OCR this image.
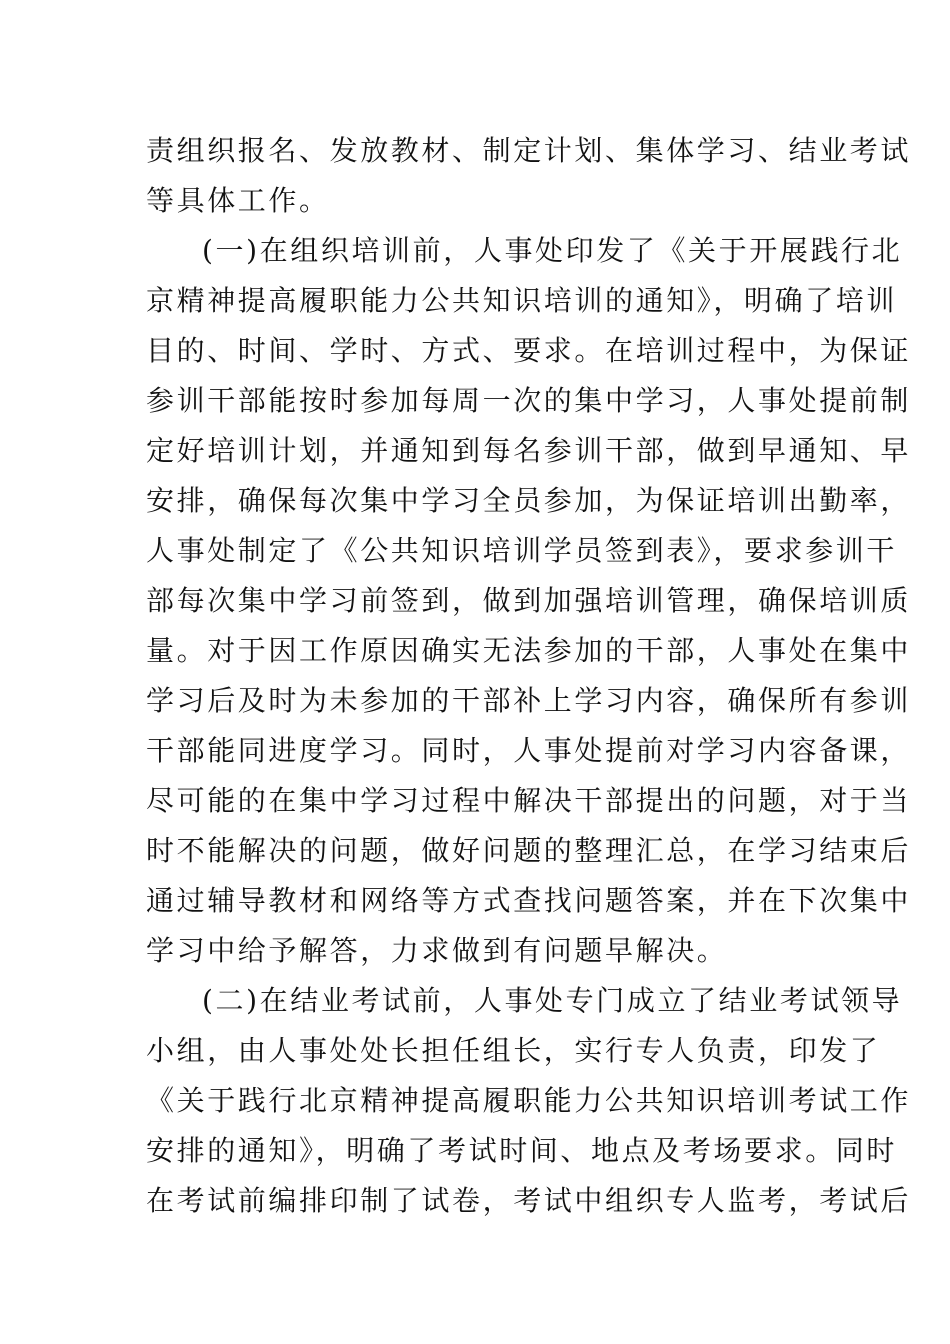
责组织报名、发放教材、制定计划、集体学习、结业考试
等具体工作。
(一)在组织培训前，人事处印发了《关于开展践行北
京精神提高履职能力公共知识培训的通知》，明确了培训
目的、时间、学时、方式、要求。在培训过程中，为保证
参训干部能按时参加每周一次的集中学习，人事处提前制
定好培训计划，并通知到每名参训干部，做到早通知、早
安排，确保每次集中学习全员参加，为保证培训出勤率，
人事处制定了《公共知识培训学员签到表》，要求参训干
部每次集中学习前签到，做到加强培训管理，确保培训质
量。对于因工作原因确实无法参加的干部，人事处在集中
学习后及时为未参加的干部补上学习内容，确保所有参训
干部能同进度学习。同时，人事处提前对学习内容备课，
尽可能的在集中学习过程中解决干部提出的问题，对于当
时不能解决的问题，做好问题的整理汇总，在学习结束后
通过辅导教材和网络等方式查找问题答案，并在下次集中
学习中给予解答，力求做到有问题早解决。
(二)在结业考试前，人事处专门成立了结业考试领导
小组，由人事处处长担任组长，实行专人负责，印发了
《关于践行北京精神提高履职能力公共知识培训考试工作
安排的通知》，明确了考试时间、地点及考场要求。同时
在考试前编排印制了试卷，考试中组织专人监考，考试后
